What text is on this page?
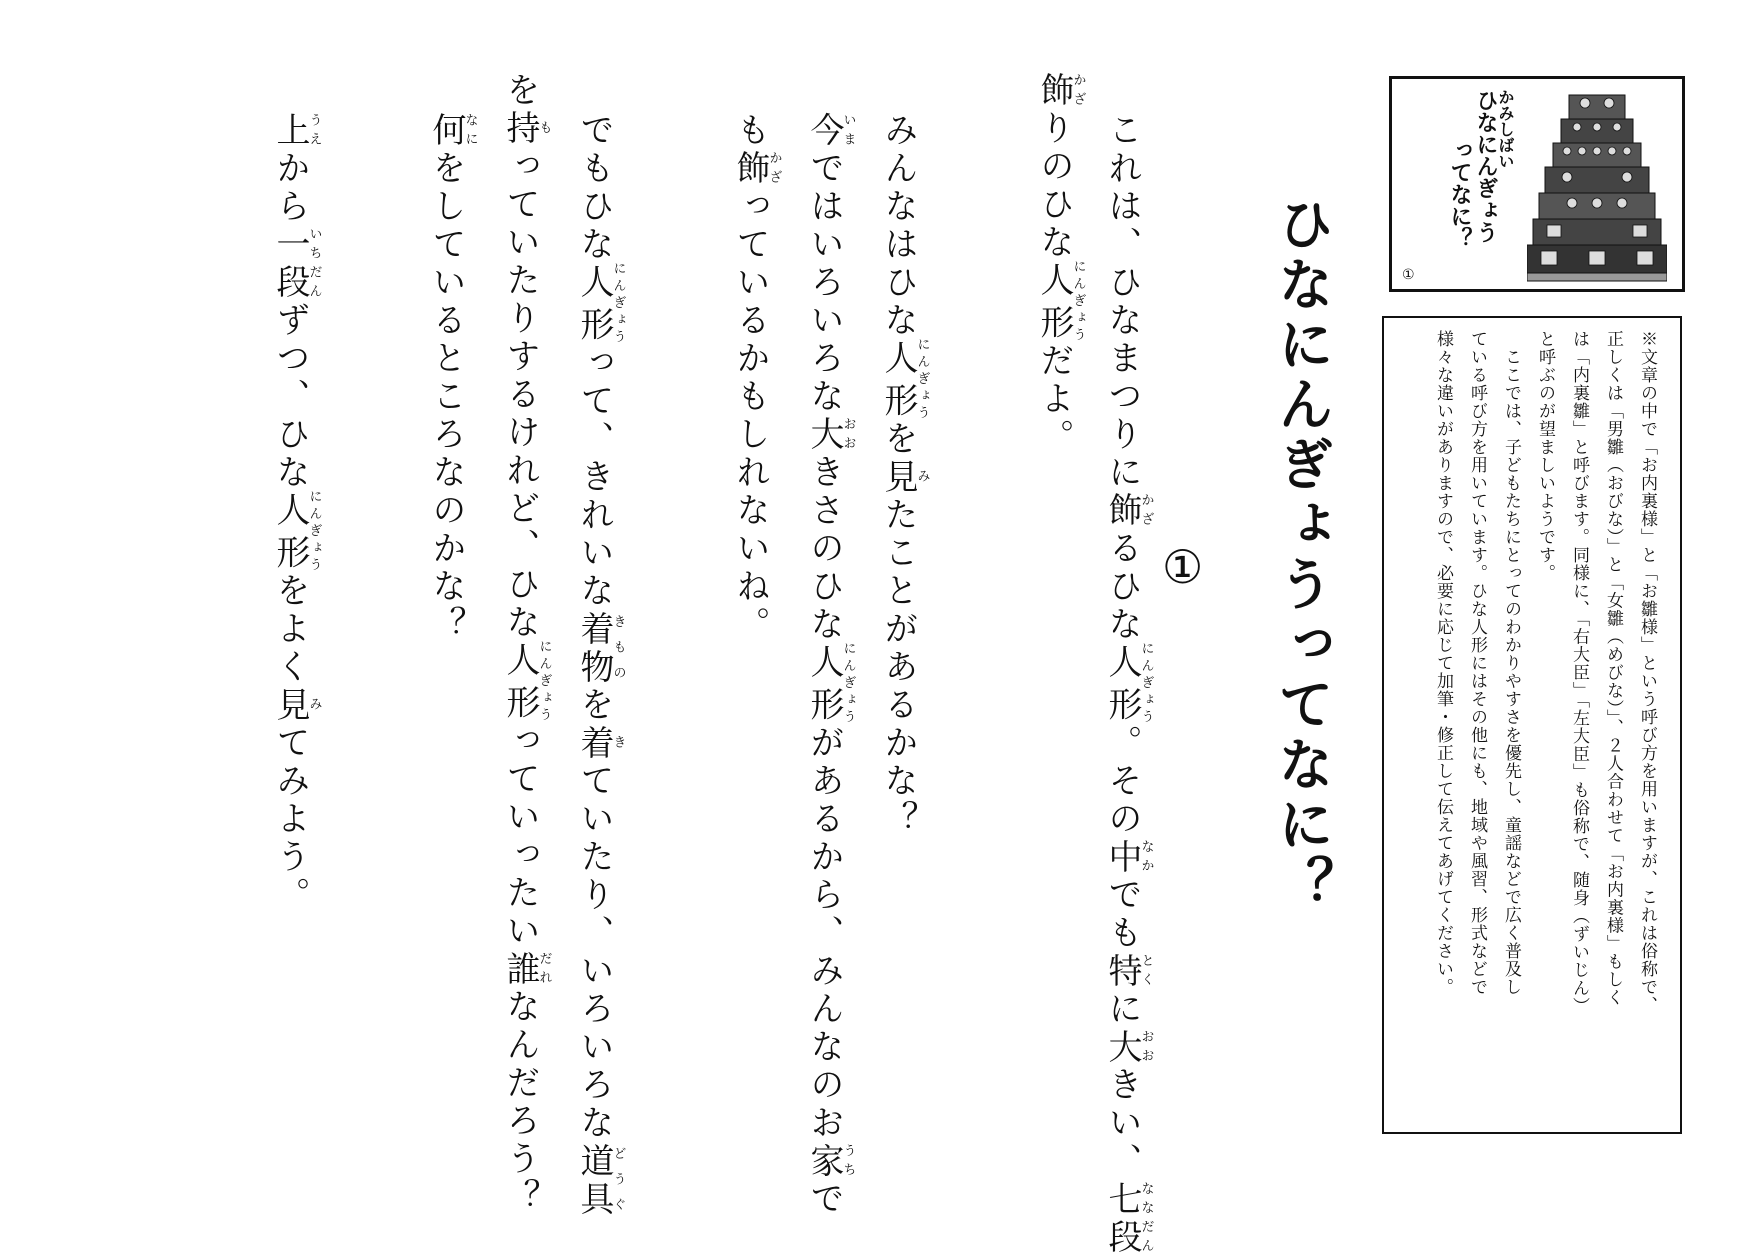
ひなにんぎょうってなに？
①
これは、ひなまつりに飾かざるひな人形にんぎょう。その中なかでも特とくに大おおきい、七段ななだん
飾かざりのひな人形にんぎょうだよ。
みんなはひな人形にんぎょうを見みたことがあるかな？
今いまではいろいろな大おおきさのひな人形にんぎょうがあるから、みんなのお家うちで
も飾かざっているかもしれないね。
でもひな人形にんぎょうって、きれいな着物きものを着きていたり、いろいろな道具どうぐ
を持もっていたりするけれど、ひな人形にんぎょうっていったい誰だれなんだろう？
何なにをしているところなのかな？
上うえから一段いちだんずつ、ひな人形にんぎょうをよく見みてみよう。
かみしばい
ひなにんぎょう
ってなに？
①
※文章の中で「お内裏様」と「お雛様」という呼び方を用いますが、これは俗称で、
正しくは「男雛（おびな）」と「女雛（めびな）」、２人合わせて「お内裏様」もしく
は「内裏雛」と呼びます。同様に、「右大臣」「左大臣」も俗称で、随身（ずいじん）
と呼ぶのが望ましいようです。
　ここでは、子どもたちにとってのわかりやすさを優先し、童謡などで広く普及し
ている呼び方を用いています。ひな人形にはその他にも、地域や風習、形式などで
様々な違いがありますので、必要に応じて加筆・修正して伝えてあげてください。
